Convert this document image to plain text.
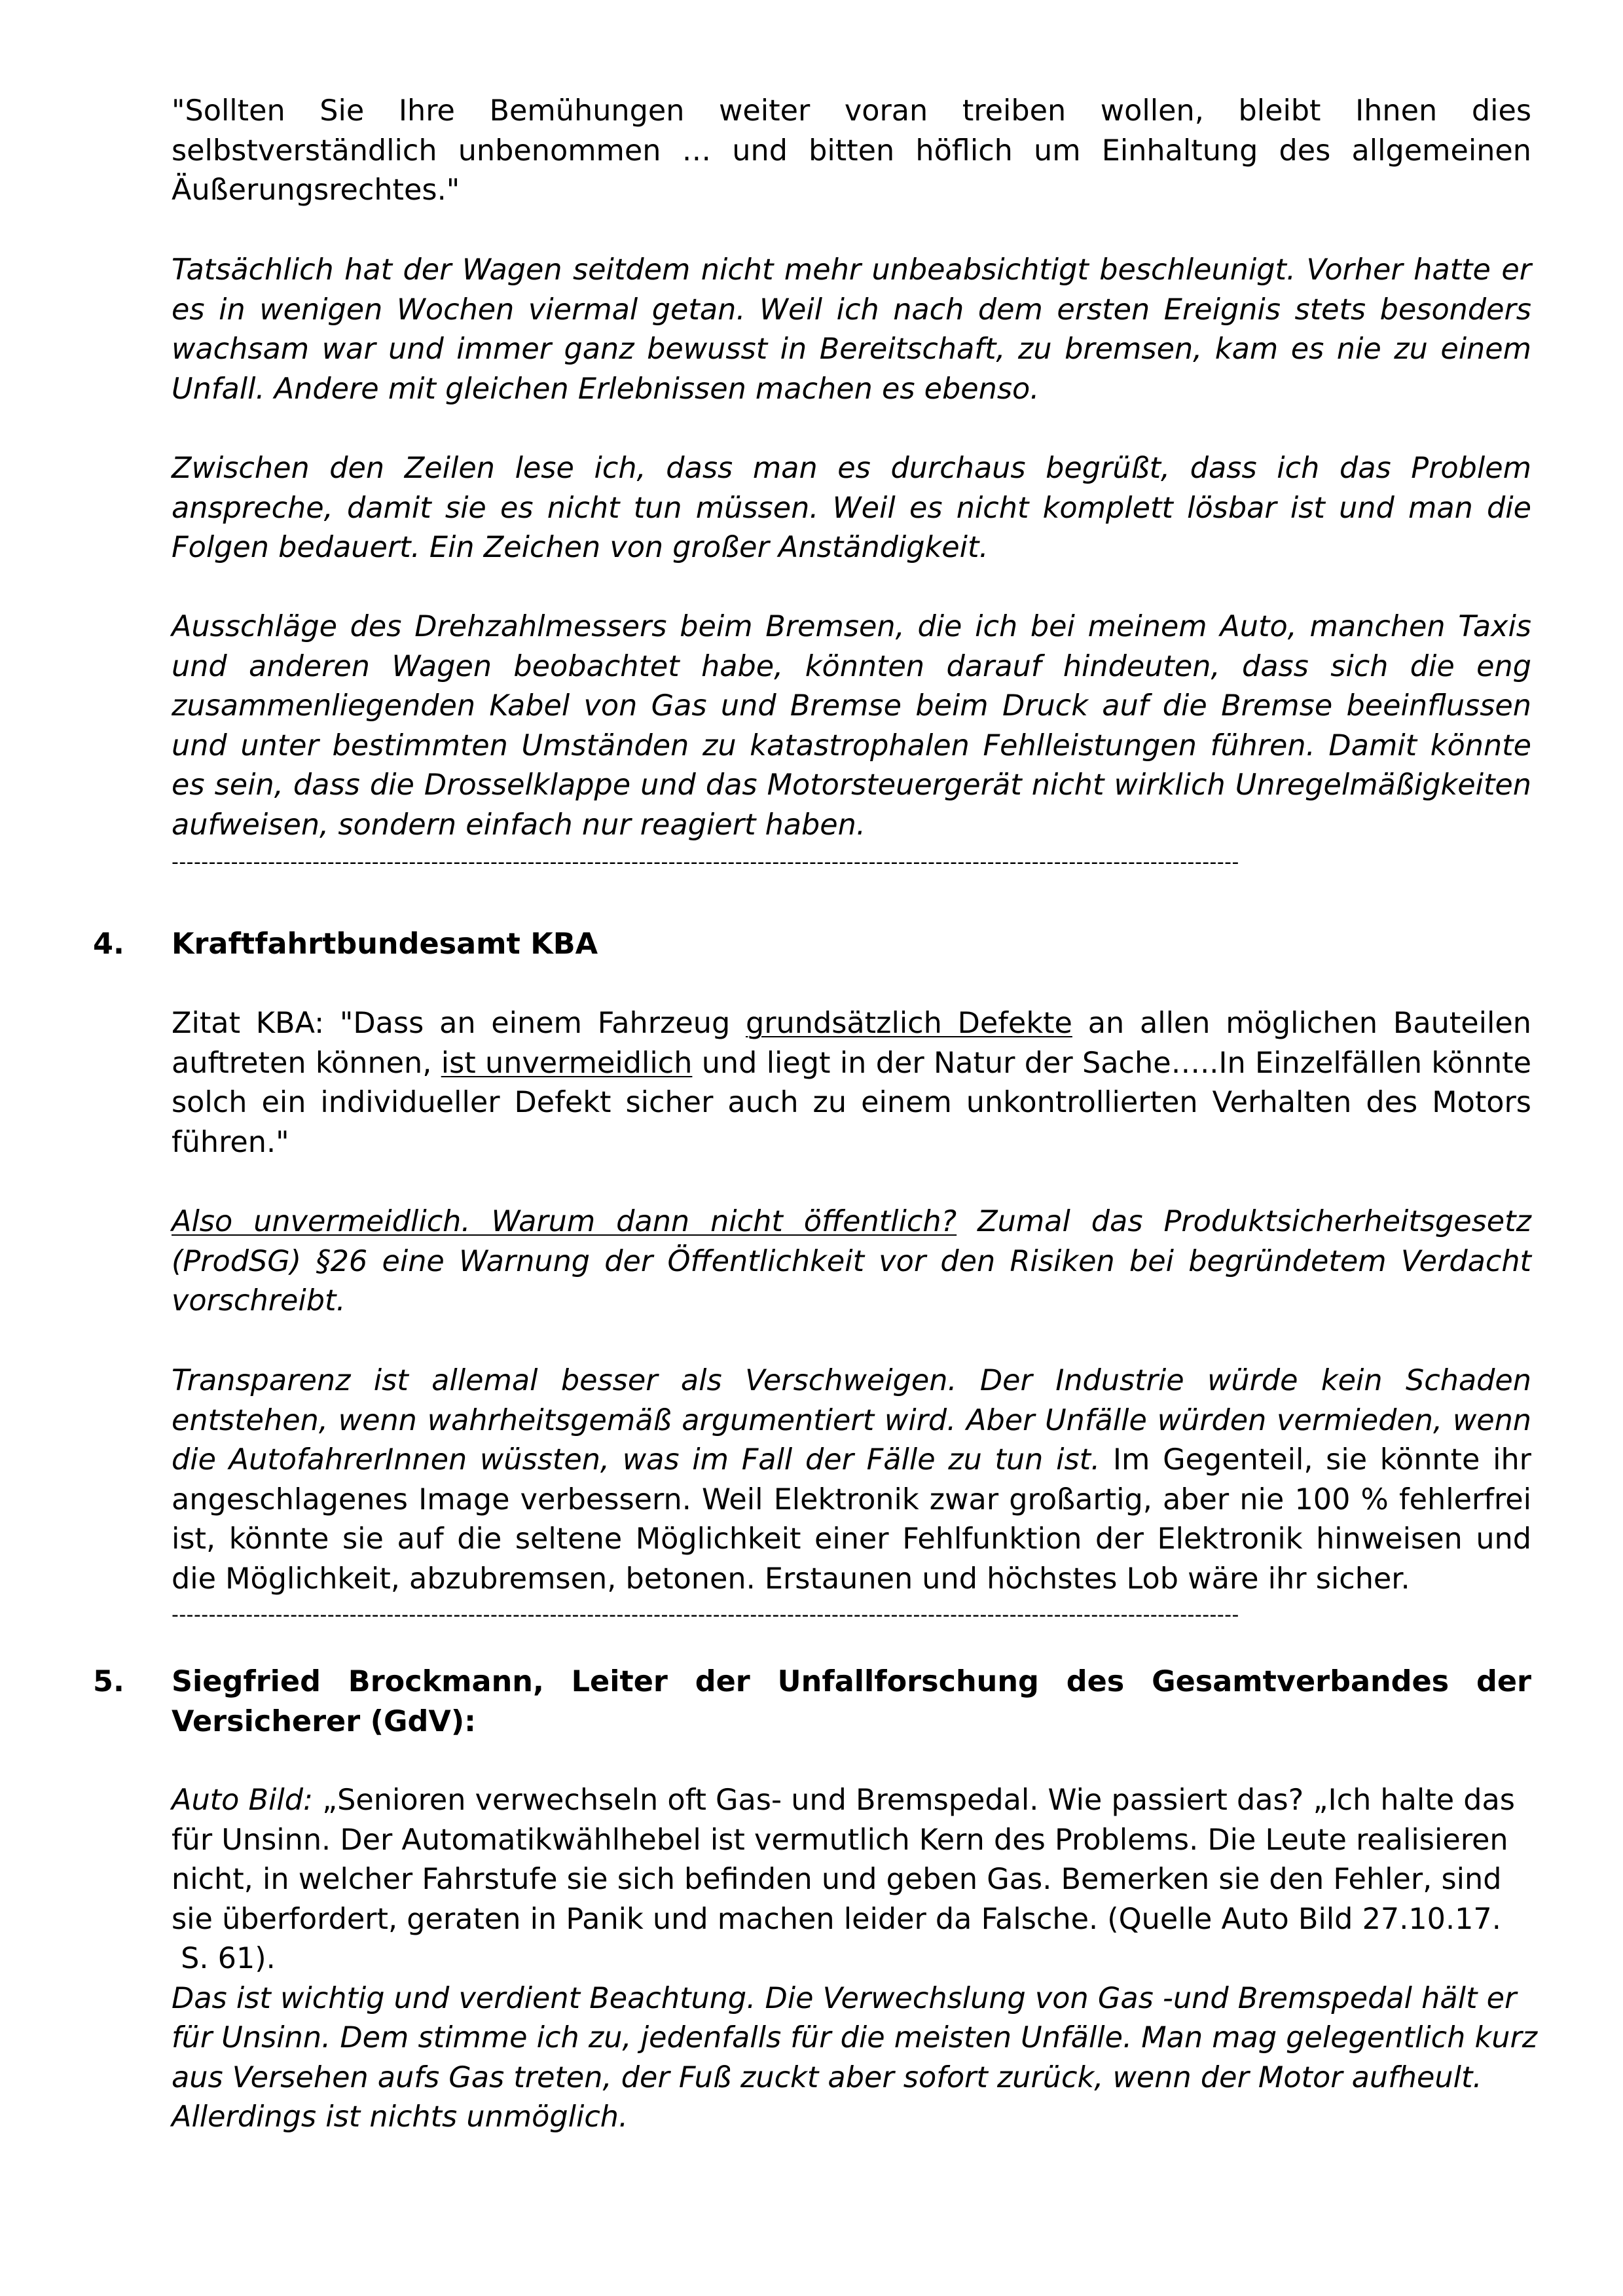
"Sollten Sie Ihre Bemühungen weiter voran treiben wollen, bleibt Ihnen dies selbstverständlich unbenommen … und bitten höflich um Einhaltung des allgemeinen Äußerungsrechtes."

Tatsächlich hat der Wagen seitdem nicht mehr unbeabsichtigt beschleunigt. Vorher hatte er es in wenigen Wochen viermal getan. Weil ich nach dem ersten Ereignis stets besonders wachsam war und immer ganz bewusst in Bereitschaft, zu bremsen, kam es nie zu einem Unfall. Andere mit gleichen Erlebnissen machen es ebenso.

Zwischen den Zeilen lese ich, dass man es durchaus begrüßt, dass ich das Problem anspreche, damit sie es nicht tun müssen. Weil es nicht komplett lösbar ist und man die Folgen bedauert. Ein Zeichen von großer Anständigkeit.

Ausschläge des Drehzahlmessers beim Bremsen, die ich bei meinem Auto, manchen Taxis und anderen Wagen beobachtet habe, könnten darauf hindeuten, dass sich die eng zusammenliegenden Kabel von Gas und Bremse beim Druck auf die Bremse beeinflussen und unter bestimmten Umständen zu katastrophalen Fehlleistungen führen. Damit könnte es sein, dass die Drosselklappe und das Motorsteuergerät nicht wirklich Unregelmäßigkeiten aufweisen, sondern einfach nur reagiert haben.

------------------------------------------------------------------------------------------------------------------------------------------------
4. Kraftfahrtbundesamt KBA

Zitat KBA: "Dass an einem Fahrzeug grundsätzlich Defekte an allen möglichen Bauteilen auftreten können, ist unvermeidlich und liegt in der Natur der Sache…..In Einzelfällen könnte solch ein individueller Defekt sicher auch zu einem unkontrollierten Verhalten des Motors führen."

Also unvermeidlich. Warum dann nicht öffentlich? Zumal das Produktsicherheitsgesetz (ProdSG) §26 eine Warnung der Öffentlichkeit vor den Risiken bei begründetem Verdacht vorschreibt.

Transparenz ist allemal besser als Verschweigen. Der Industrie würde kein Schaden entstehen, wenn wahrheitsgemäß argumentiert wird. Aber Unfälle würden vermieden, wenn die AutofahrerInnen wüssten, was im Fall der Fälle zu tun ist. Im Gegenteil, sie könnte ihr angeschlagenes Image verbessern. Weil Elektronik zwar großartig, aber nie 100 % fehlerfrei ist, könnte sie auf die seltene Möglichkeit einer Fehlfunktion der Elektronik hinweisen und die Möglichkeit, abzubremsen, betonen. Erstaunen und höchstes Lob wäre ihr sicher.

------------------------------------------------------------------------------------------------------------------------------------------------
5. Siegfried Brockmann, Leiter der Unfallforschung des Gesamtverbandes der Versicherer (GdV):
Auto Bild: „Senioren verwechseln oft Gas- und Bremspedal. Wie passiert das? „Ich halte das
für Unsinn. Der Automatikwählhebel ist vermutlich Kern des Problems. Die Leute realisieren
nicht, in welcher Fahrstufe sie sich befinden und geben Gas. Bemerken sie den Fehler, sind
sie überfordert, geraten in Panik und machen leider da Falsche. (Quelle Auto Bild 27.10.17.
S. 61).
Das ist wichtig und verdient Beachtung. Die Verwechslung von Gas -und Bremspedal hält er
für Unsinn. Dem stimme ich zu, jedenfalls für die meisten Unfälle. Man mag gelegentlich kurz
aus Versehen aufs Gas treten, der Fuß zuckt aber sofort zurück, wenn der Motor aufheult.
Allerdings ist nichts unmöglich.
